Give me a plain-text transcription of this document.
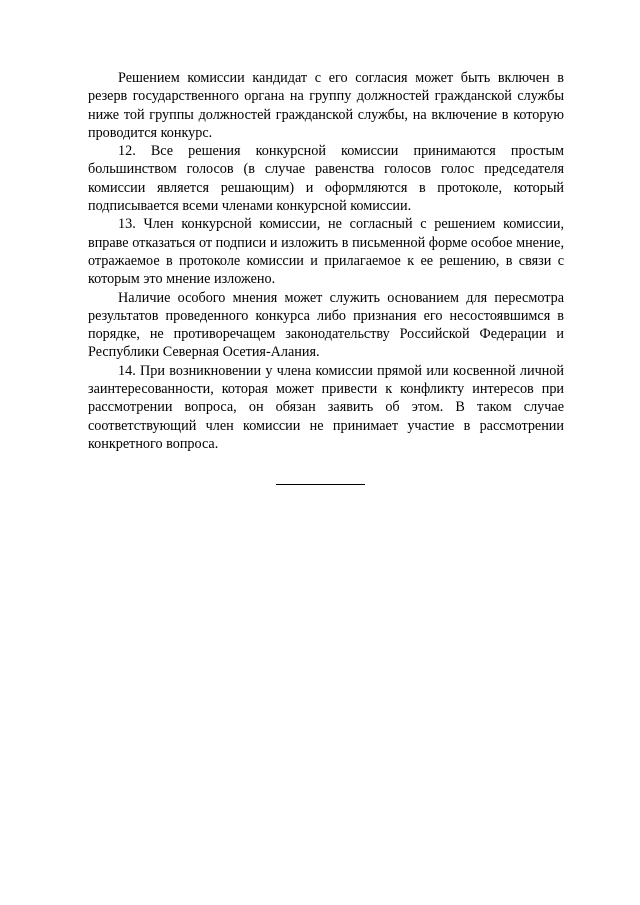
Решением комиссии кандидат с его согласия может быть включен в резерв государственного органа на группу должностей гражданской службы ниже той группы должностей гражданской службы, на включение в которую проводится конкурс.

12. Все решения конкурсной комиссии принимаются простым большинством голосов (в случае равенства голосов голос председателя комиссии является решающим) и оформляются в протоколе, который подписывается всеми членами конкурсной комиссии.

13. Член конкурсной комиссии, не согласный с решением комиссии, вправе отказаться от подписи и изложить в письменной форме особое мнение, отражаемое в протоколе комиссии и прилагаемое к ее решению, в связи с которым это мнение изложено.

Наличие особого мнения может служить основанием для пересмотра результатов проведенного конкурса либо признания его несостоявшимся в порядке, не противоречащем законодательству Российской Федерации и Республики Северная Осетия-Алания.

14. При возникновении у члена комиссии прямой или косвенной личной заинтересованности, которая может привести к конфликту интересов при рассмотрении вопроса, он обязан заявить об этом. В таком случае соответствующий член комиссии не принимает участие в рассмотрении конкретного вопроса.
